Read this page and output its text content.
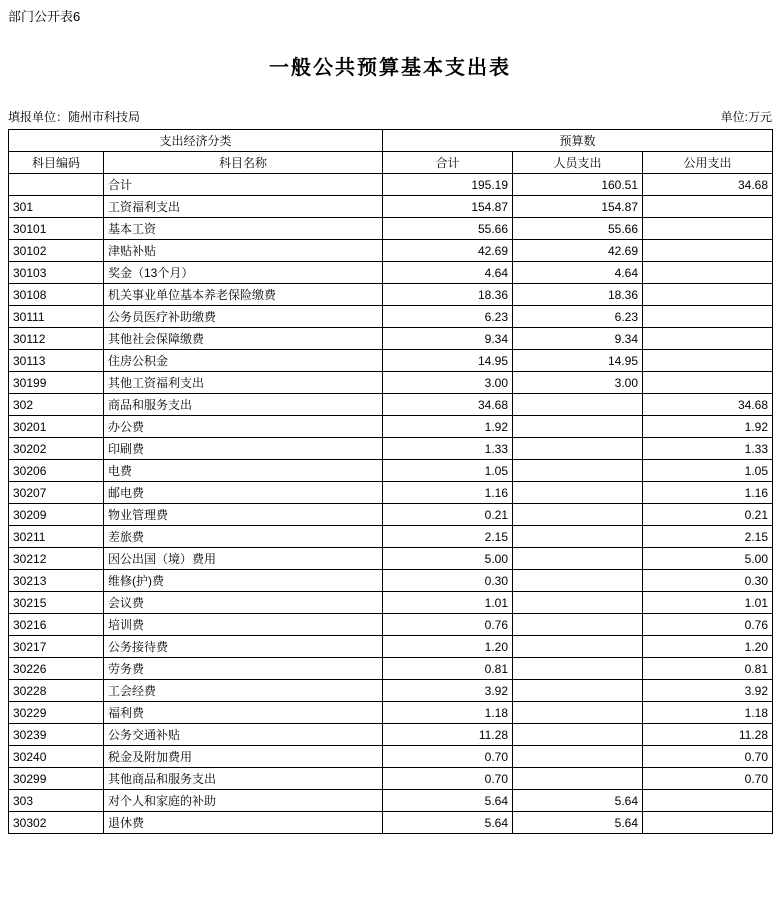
部门公开表6
一般公共预算基本支出表
填报单位：随州市科技局	单位:万元
支出经济分类		预算数		
科目编码	科目名称	合计	人员支出	公用支出
	合计	195.19	160.51	34.68
301	工资福利支出	154.87	154.87	
30101	基本工资	55.66	55.66	
30102	津贴补贴	42.69	42.69	
30103	奖金（13个月）	4.64	4.64	
30108	机关事业单位基本养老保险缴费	18.36	18.36	
30111	公务员医疗补助缴费	6.23	6.23	
30112	其他社会保障缴费	9.34	9.34	
30113	住房公积金	14.95	14.95	
30199	其他工资福利支出	3.00	3.00	
302	商品和服务支出	34.68		34.68
30201	办公费	1.92		1.92
30202	印刷费	1.33		1.33
30206	电费	1.05		1.05
30207	邮电费	1.16		1.16
30209	物业管理费	0.21		0.21
30211	差旅费	2.15		2.15
30212	因公出国（境）费用	5.00		5.00
30213	维修(护)费	0.30		0.30
30215	会议费	1.01		1.01
30216	培训费	0.76		0.76
30217	公务接待费	1.20		1.20
30226	劳务费	0.81		0.81
30228	工会经费	3.92		3.92
30229	福利费	1.18		1.18
30239	公务交通补贴	11.28		11.28
30240	税金及附加费用	0.70		0.70
30299	其他商品和服务支出	0.70		0.70
303	对个人和家庭的补助	5.64	5.64	
30302	退休费	5.64	5.64	
